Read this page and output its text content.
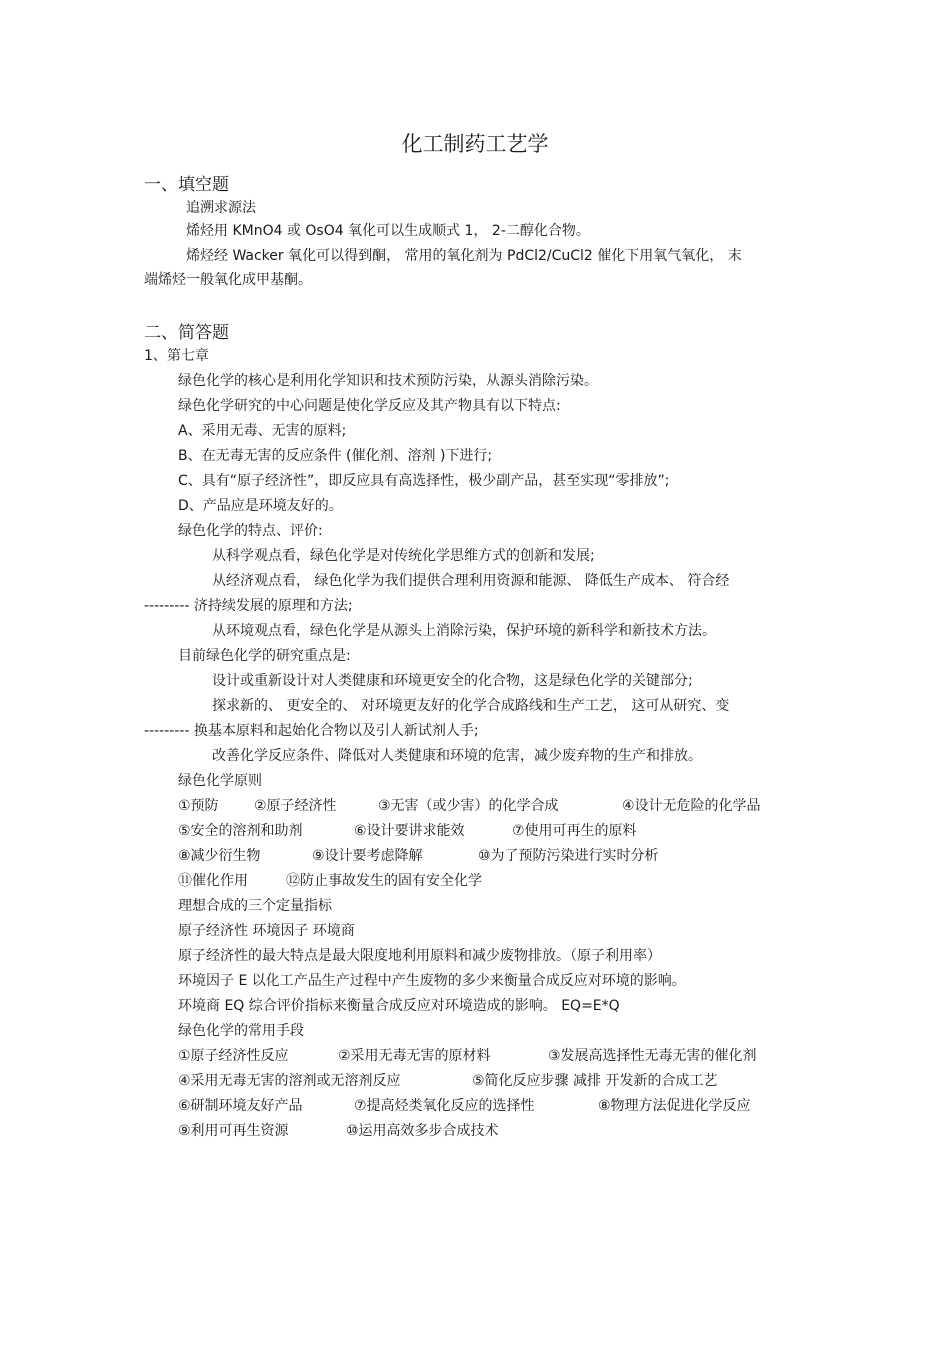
化工制药工艺学
一、填空题
追溯求源法
烯烃用 KMnO4 或 OsO4 氧化可以生成顺式 1， 2-二醇化合物。
烯烃经 Wacker 氧化可以得到酮， 常用的氧化剂为 PdCl2/CuCl2 催化下用氧气氧化， 末
端烯烃一般氧化成甲基酮。
二、简答题
1、第七章
绿色化学的核心是利用化学知识和技术预防污染，从源头消除污染。
绿色化学研究的中心问题是使化学反应及其产物具有以下特点:
A、采用无毒、无害的原料;
B、在无毒无害的反应条件 (催化剂、溶剂 )下进行;
C、具有“原子经济性”，即反应具有高选择性，极少副产品，甚至实现“零排放”;
D、产品应是环境友好的。
绿色化学的特点、评价:
从科学观点看，绿色化学是对传统化学思维方式的创新和发展;
从经济观点看， 绿色化学为我们提供合理利用资源和能源、 降低生产成本、 符合经
--------- 济持续发展的原理和方法;
从环境观点看，绿色化学是从源头上消除污染，保护环境的新科学和新技术方法。
目前绿色化学的研究重点是:
设计或重新设计对人类健康和环境更安全的化合物，这是绿色化学的关键部分;
探求新的、 更安全的、 对环境更友好的化学合成路线和生产工艺， 这可从研究、变
--------- 换基本原料和起始化合物以及引人新试剂人手;
改善化学反应条件、降低对人类健康和环境的危害，减少废弃物的生产和排放。
绿色化学原则
①预防	②原子经济性	③无害（或少害）的化学合成	④设计无危险的化学品
⑤安全的溶剂和助剂	⑥设计要讲求能效	⑦使用可再生的原料
⑧减少衍生物	⑨设计要考虑降解	⑩为了预防污染进行实时分析
⑪催化作用	⑫防止事故发生的固有安全化学
理想合成的三个定量指标
原子经济性 环境因子 环境商
原子经济性的最大特点是最大限度地利用原料和减少废物排放。（原子利用率）
环境因子 E 以化工产品生产过程中产生废物的多少来衡量合成反应对环境的影响。
环境商 EQ 综合评价指标来衡量合成反应对环境造成的影响。 EQ=E*Q
绿色化学的常用手段
①原子经济性反应	②采用无毒无害的原材料	③发展高选择性无毒无害的催化剂
④采用无毒无害的溶剂或无溶剂反应	⑤简化反应步骤 减排 开发新的合成工艺
⑥研制环境友好产品	⑦提高烃类氧化反应的选择性	⑧物理方法促进化学反应
⑨利用可再生资源	⑩运用高效多步合成技术
